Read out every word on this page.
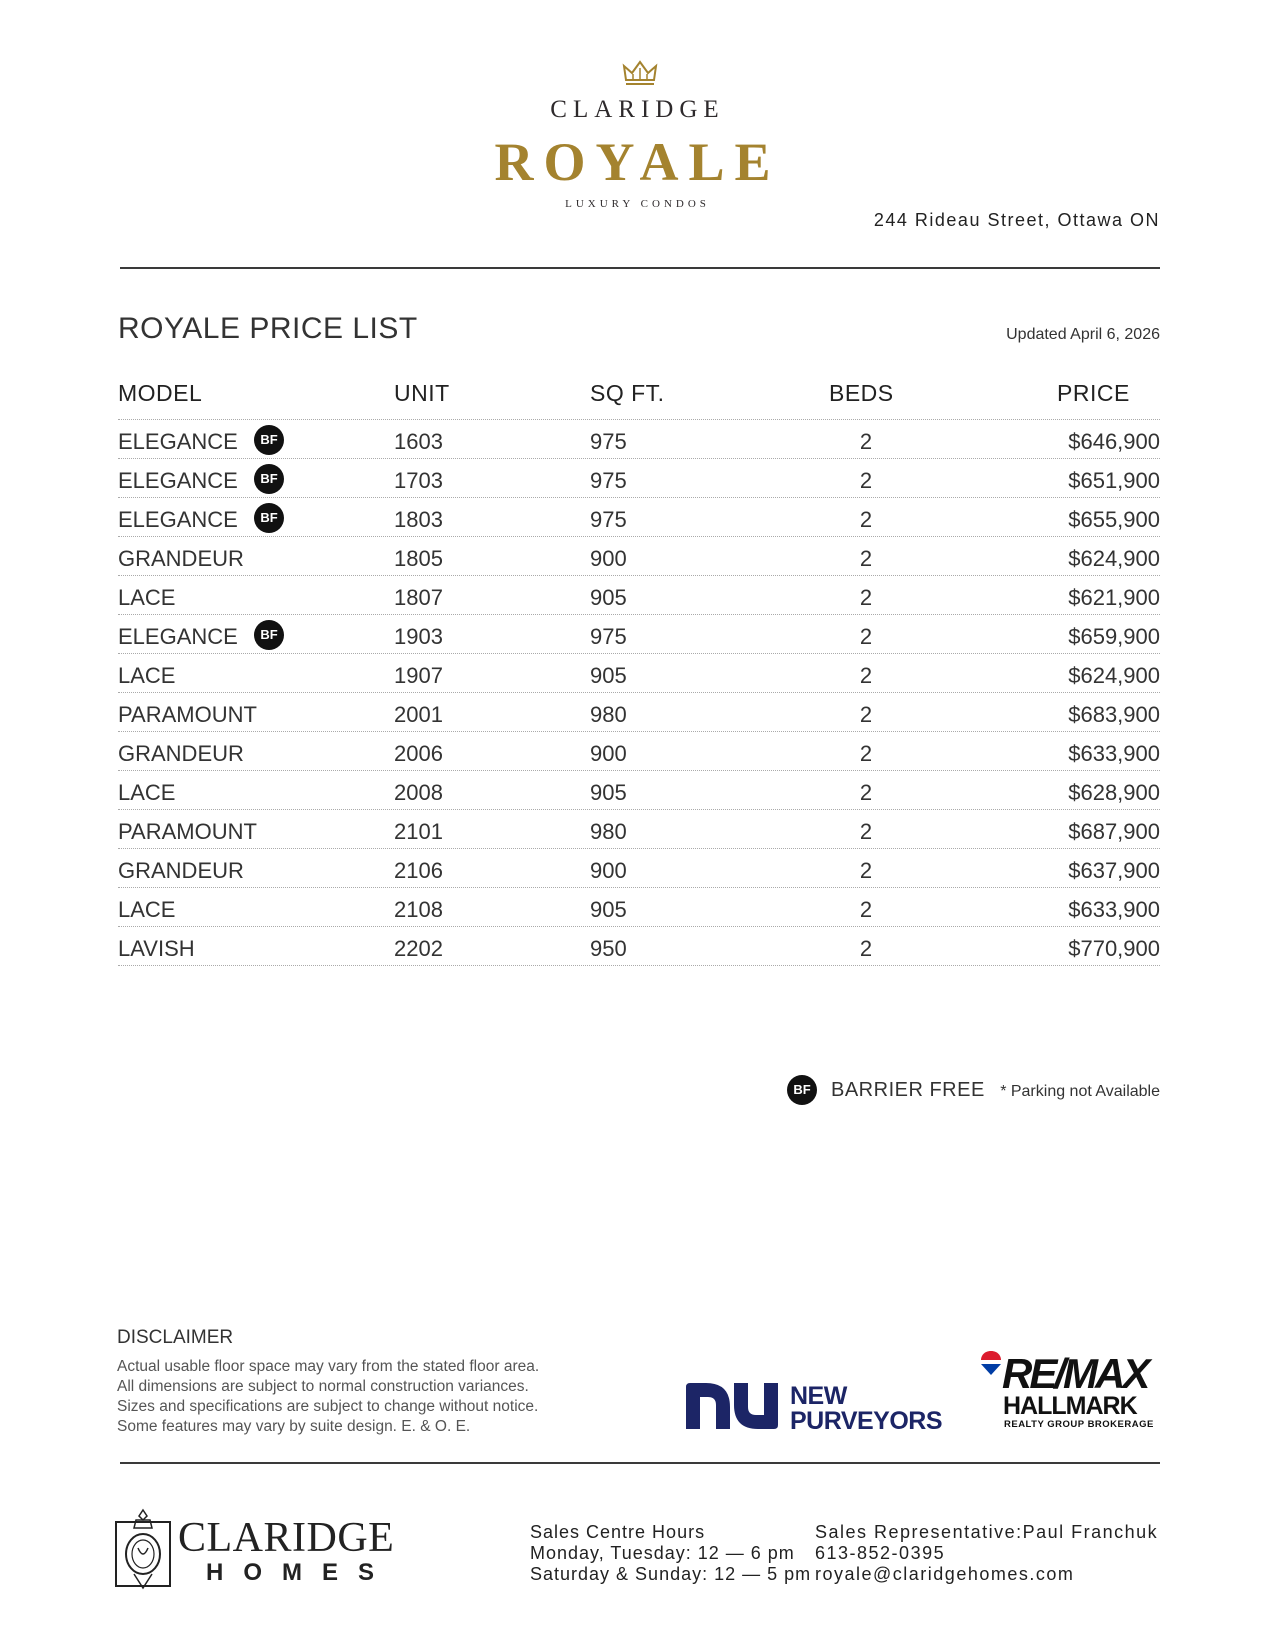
CLARIDGE
ROYALE
LUXURY CONDOS
244 Rideau Street, Ottawa ON
ROYALE PRICE LIST	Updated April 6, 2026
MODEL	UNIT	SQ FT.	BEDS	PRICE
ELEGANCE	1603	975	2	$646,900
BF
ELEGANCE	1703	975	2	$651,900
BF
ELEGANCE	1803	975	2	$655,900
BF
GRANDEUR	1805	900	2	$624,900
LACE	1807	905	2	$621,900
ELEGANCE	1903	975	2	$659,900
BF
LACE	1907	905	2	$624,900
PARAMOUNT	2001	980	2	$683,900
GRANDEUR	2006	900	2	$633,900
LACE	2008	905	2	$628,900
PARAMOUNT	2101	980	2	$687,900
GRANDEUR	2106	900	2	$637,900
LACE	2108	905	2	$633,900
LAVISH	2202	950	2	$770,900
BF	BARRIER FREE * Parking not Available
DISCLAIMER
Actual usable floor space may vary from the stated floor area.
All dimensions are subject to normal construction variances.
Sizes and specifications are subject to change without notice.
Some features may vary by suite design. E. & O. E.
NEW
PURVEYORS
RE/MAX
HALLMARK
REALTY GROUP BROKERAGE
CLARIDGE
HOMES
Sales Centre Hours
Monday, Tuesday: 12 — 6 pm
Saturday & Sunday: 12 — 5 pm
Sales Representative:Paul Franchuk
613-852-0395
royale@claridgehomes.com
